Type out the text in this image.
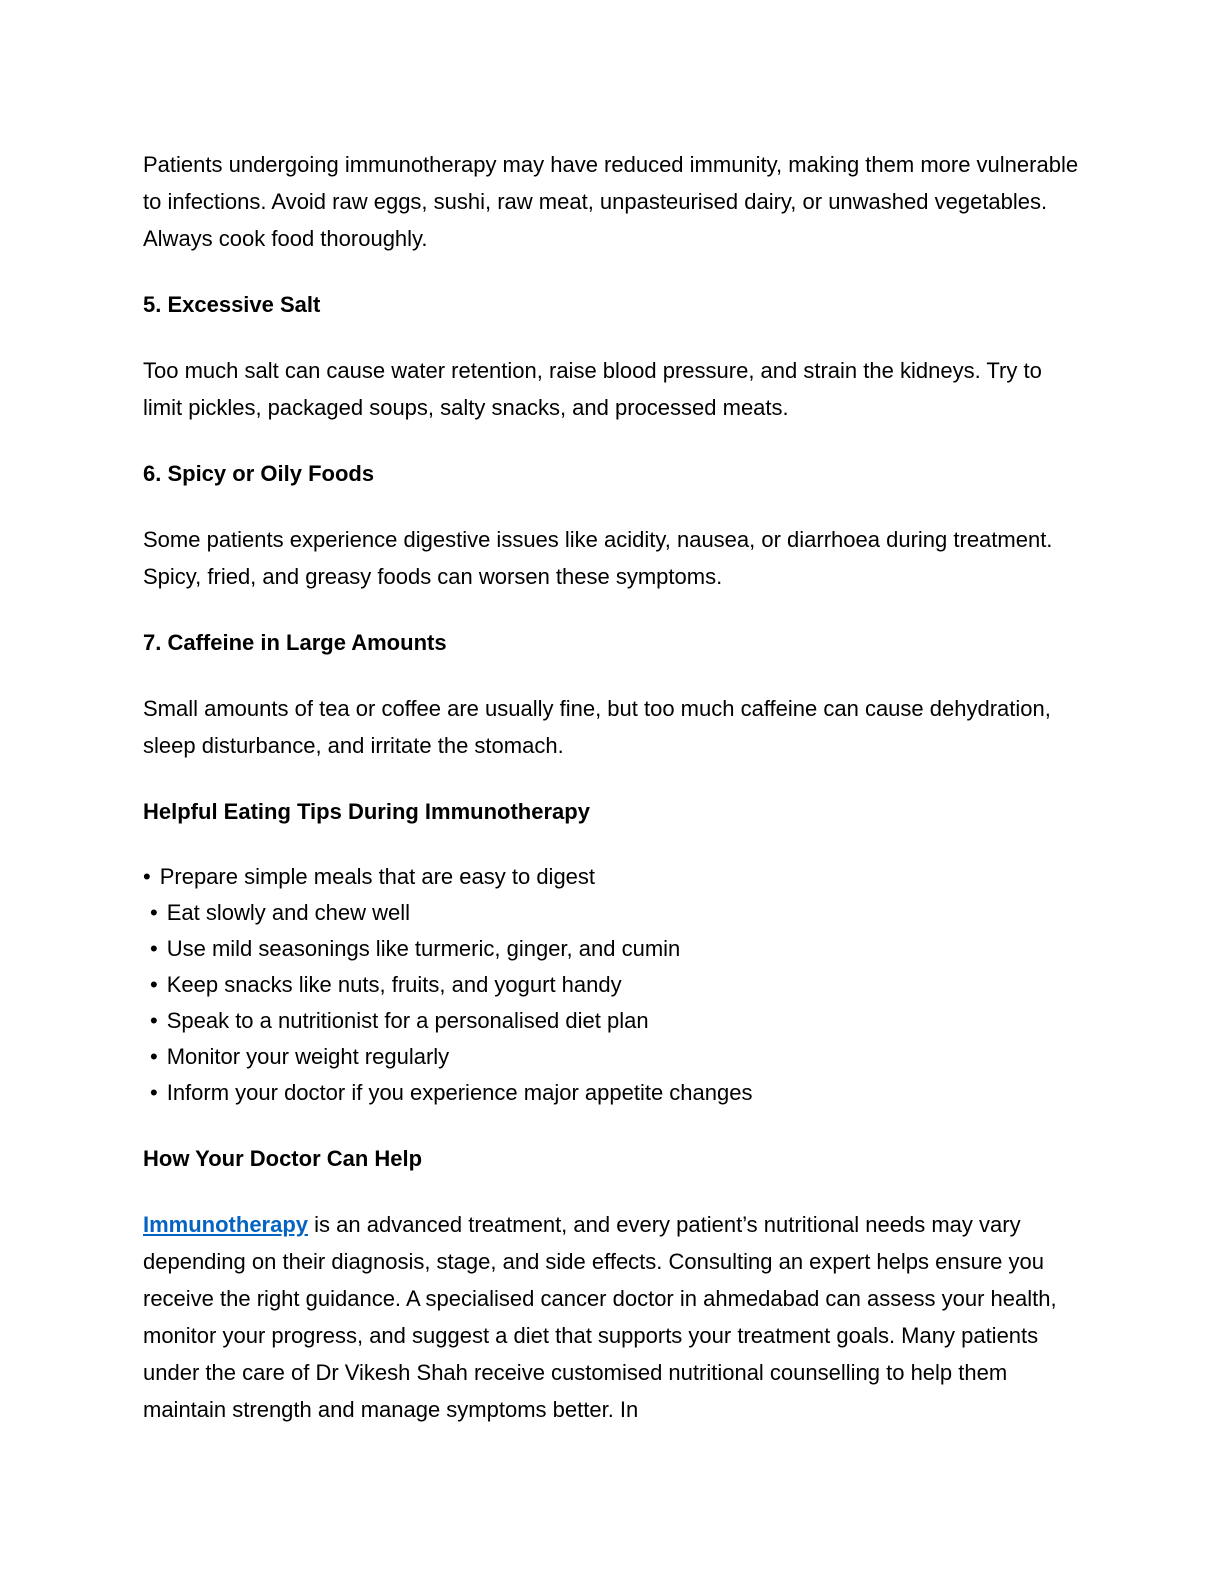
Patients undergoing immunotherapy may have reduced immunity, making them more vulnerable to infections. Avoid raw eggs, sushi, raw meat, unpasteurised dairy, or unwashed vegetables. Always cook food thoroughly.

5. Excessive Salt

Too much salt can cause water retention, raise blood pressure, and strain the kidneys. Try to limit pickles, packaged soups, salty snacks, and processed meats.

6. Spicy or Oily Foods

Some patients experience digestive issues like acidity, nausea, or diarrhoea during treatment. Spicy, fried, and greasy foods can worsen these symptoms.

7. Caffeine in Large Amounts

Small amounts of tea or coffee are usually fine, but too much caffeine can cause dehydration, sleep disturbance, and irritate the stomach.

Helpful Eating Tips During Immunotherapy
• Prepare simple meals that are easy to digest
• Eat slowly and chew well
• Use mild seasonings like turmeric, ginger, and cumin
• Keep snacks like nuts, fruits, and yogurt handy
• Speak to a nutritionist for a personalised diet plan
• Monitor your weight regularly
• Inform your doctor if you experience major appetite changes
How Your Doctor Can Help

Immunotherapy is an advanced treatment, and every patient’s nutritional needs may vary depending on their diagnosis, stage, and side effects. Consulting an expert helps ensure you receive the right guidance. A specialised cancer doctor in ahmedabad can assess your health, monitor your progress, and suggest a diet that supports your treatment goals. Many patients under the care of Dr Vikesh Shah receive customised nutritional counselling to help them maintain strength and manage symptoms better. In
